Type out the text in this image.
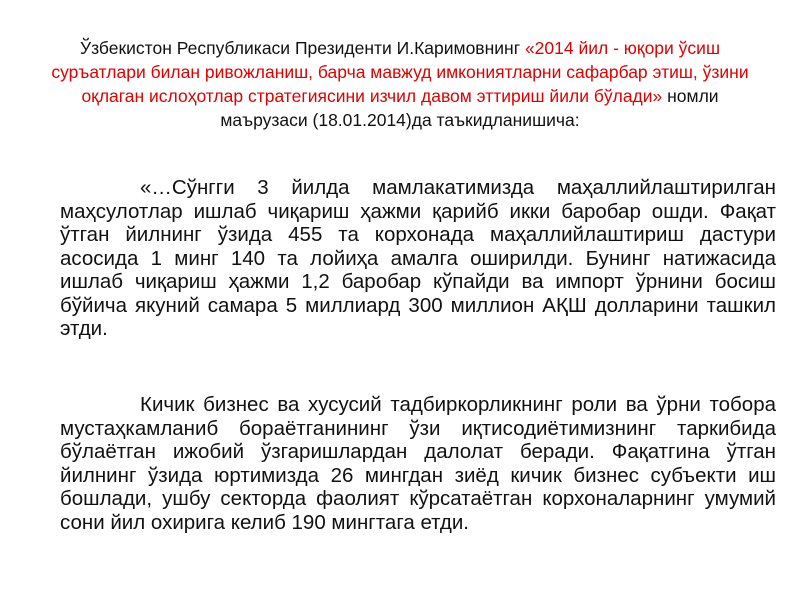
Ўзбекистон Республикаси Президенти И.Каримовнинг «2014 йил - юқори ўсиш суръатлари билан ривожланиш, барча мавжуд имкониятларни сафарбар этиш, ўзини оқлаган ислоҳотлар стратегиясини изчил давом эттириш йили бўлади» номли маърузаси (18.01.2014)да таъкидланишича:

«…Сўнгги 3 йилда мамлакатимизда маҳаллийлаштирилган маҳсулотлар ишлаб чиқариш ҳажми қарийб икки баробар ошди. Фақат ўтган йилнинг ўзида 455 та корхонада маҳаллийлаштириш дастури асосида 1 минг 140 та лойиҳа амалга оширилди. Бунинг натижасида ишлаб чиқариш ҳажми 1,2 баробар кўпайди ва импорт ўрнини босиш бўйича якуний самара 5 миллиард 300 миллион АҚШ долларини ташкил этди.

Кичик бизнес ва хусусий тадбиркорликнинг роли ва ўрни тобора мустаҳкамланиб бораётганининг ўзи иқтисодиётимизнинг таркибида бўлаётган ижобий ўзгаришлардан далолат беради. Фақатгина ўтган йилнинг ўзида юртимизда 26 мингдан зиёд кичик бизнес субъекти иш бошлади, ушбу секторда фаолият кўрсатаётган корхоналарнинг умумий сони йил охирига келиб 190 мингтага етди.
